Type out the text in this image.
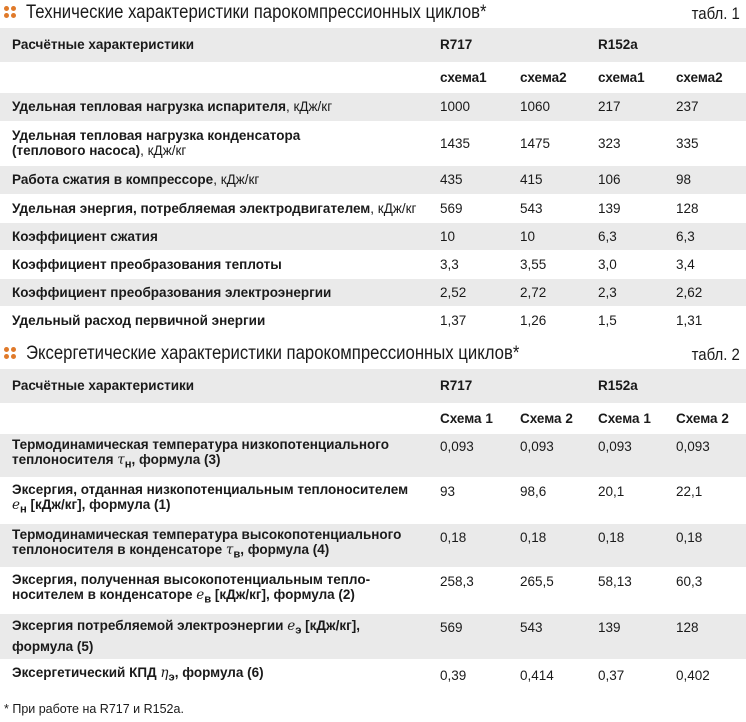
Технические характеристики парокомпрессионных циклов*	табл. 1
Расчётные характеристики	R717		R152a	
	схема1	схема2	схема1	схема2
Удельная тепловая нагрузка испарителя, кДж/кг	1000	1060	217	237
Удельная тепловая нагрузка конденсатора
(теплового насоса), кДж/кг	1435	1475	323	335
Работа сжатия в компрессоре, кДж/кг	435	415	106	98
Удельная энергия, потребляемая электродвигателем, кДж/кг	569	543	139	128
Коэффициент сжатия	10	10	6,3	6,3
Коэффициент преобразования теплоты	3,3	3,55	3,0	3,4
Коэффициент преобразования электроэнергии	2,52	2,72	2,3	2,62
Удельный расход первичной энергии	1,37	1,26	1,5	1,31
Эксергетические характеристики парокомпрессионных циклов*	табл. 2
Расчётные характеристики	R717		R152a	
	Схема 1	Схема 2	Схема 1	Схема 2
Термодинамическая температура низкопотенциального
теплоносителя $\tau_н$, формула (3)	0,093	0,093	0,093	0,093
Эксергия, отданная низкопотенциальным теплоносителем
$e_н$ [кДж/кг], формула (1)	93	98,6	20,1	22,1
Термодинамическая температура высокопотенциального
теплоносителя в конденсаторе $\tau_в$, формула (4)	0,18	0,18	0,18	0,18
Эксергия, полученная высокопотенциальным тепло-
носителем в конденсаторе $e_в$ [кДж/кг], формула (2)	258,3	265,5	58,13	60,3
Эксергия потребляемой электроэнергии $e_э$ [кДж/кг],
формула (5)	569	543	139	128
Эксергетический КПД $\eta_э$, формула (6)	0,39	0,414	0,37	0,402
* При работе на R717 и R152a.
